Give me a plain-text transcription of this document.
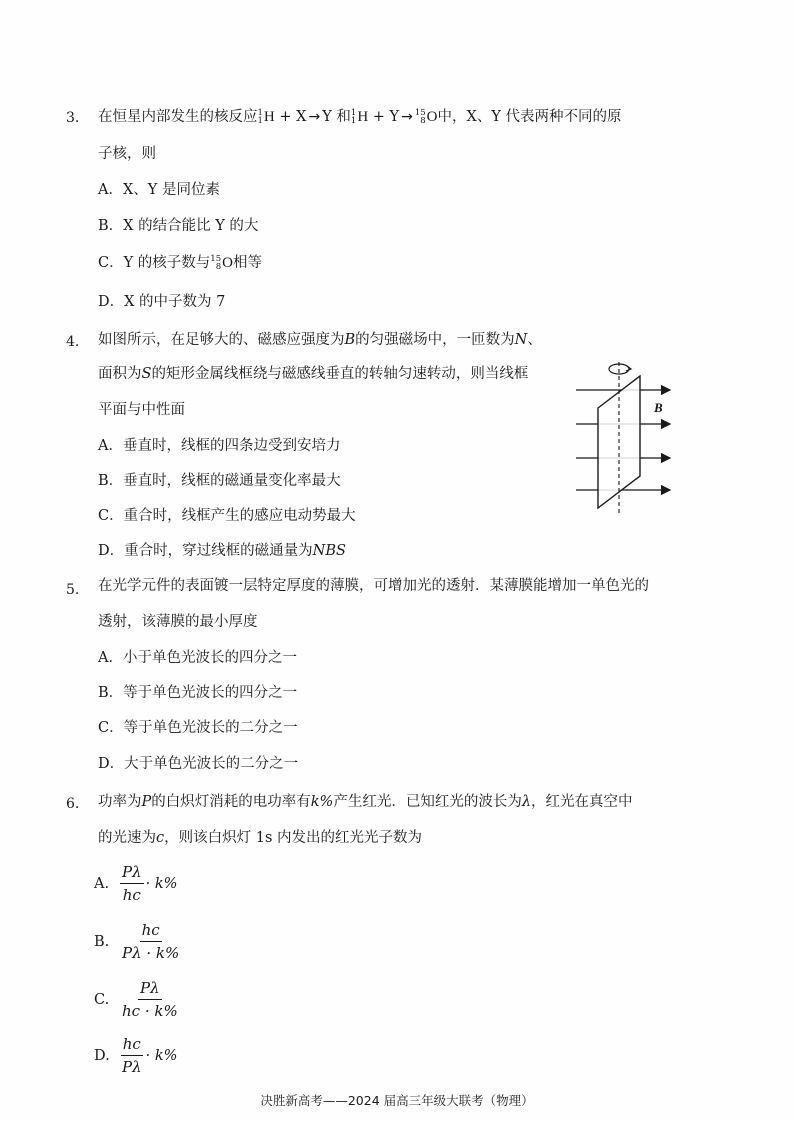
3. 在恒星内部发生的核反应 1
1 H + X → Y 和 1
1 H + Y → 15
8 O中，X、Y 代表两种不同的原
子核，则
A．X、Y 是同位素
B．X 的结合能比 Y 的大
C．Y 的核子数与 15
8 O相等
D．X 的中子数为 7
4. 如图所示，在足够大的、磁感应强度为B的匀强磁场中，一匝数为N、
面积为S的矩形金属线框绕与磁感线垂直的转轴匀速转动，则当线框
平面与中性面
A．垂直时，线框的四条边受到安培力
B．垂直时，线框的磁通量变化率最大
C．重合时，线框产生的感应电动势最大
D．重合时，穿过线框的磁通量为NBS
B
5. 在光学元件的表面镀一层特定厚度的薄膜，可增加光的透射．某薄膜能增加一单色光的
透射，该薄膜的最小厚度
A．小于单色光波长的四分之一
B．等于单色光波长的四分之一
C．等于单色光波长的二分之一
D．大于单色光波长的二分之一
6. 功率为P的白炽灯消耗的电功率有k%产生红光．已知红光的波长为λ，红光在真空中
的光速为c，则该白炽灯 1s 内发出的红光光子数为
A. $\frac{P\lambda}{hc} \cdot k\%$
B. $\frac{hc}{P\lambda \cdot k\%}$
C. $\frac{P\lambda}{hc \cdot k\%}$
D. $\frac{hc}{P\lambda} \cdot k\%$
决胜新高考——2024 届高三年级大联考（物理）
